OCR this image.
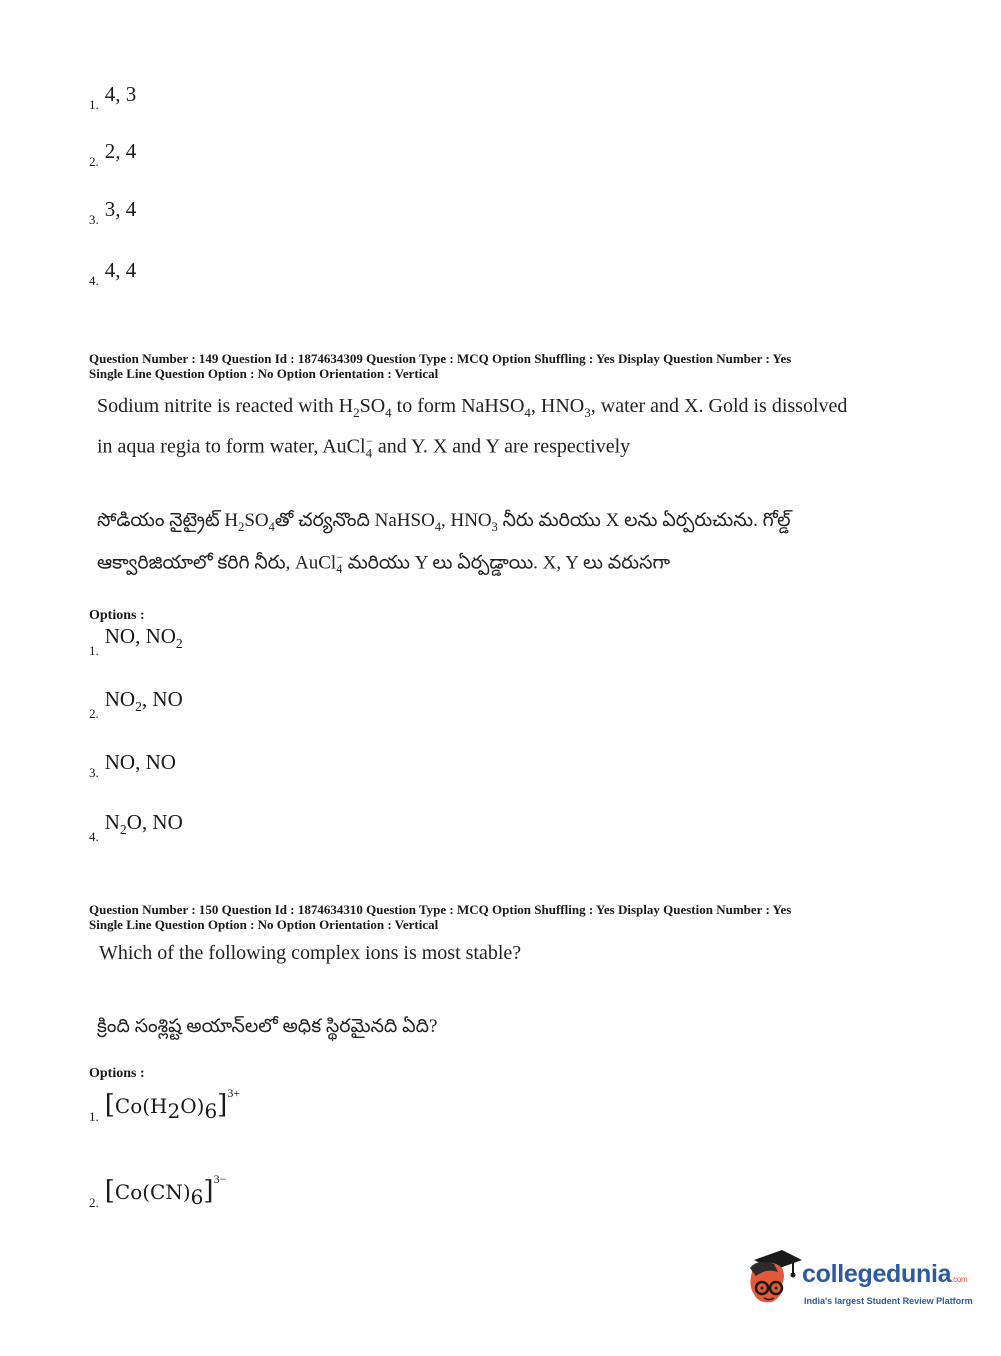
1. 4, 3
2. 2, 4
3. 3, 4
4. 4, 4
Question Number : 149 Question Id : 1874634309 Question Type : MCQ Option Shuffling : Yes Display Question Number : Yes
Single Line Question Option : No Option Orientation : Vertical
Sodium nitrite is reacted with $H_2SO_4$ to form NaHSO$_4$, $HNO_3$, water and X. Gold is dissolved
in aqua regia to form water, AuCl$_4$− and Y. X and Y are respectively
సోడియం నైట్రైట్ $H_2SO_4తో$ చర్యనొంది NaHSO$_4$, $HNO_3$ నీరు మరియు X లను ఏర్పరుచును. గోల్డ్
ఆక్వారిజియాలో కరిగి నీరు, AuCl$_4$− మరియు Y లు ఏర్పడ్డాయి. X, Y లు వరుసగా
Options :
1.
NO, $NO_2$
2.
$NO_2$, NO
3. NO, NO
4.
$N_2O$, NO
Question Number : 150 Question Id : 1874634310 Question Type : MCQ Option Shuffling : Yes Display Question Number : Yes
Single Line Question Option : No Option Orientation : Vertical
Which of the following complex ions is most stable?
క్రింది సంశ్లిష్ట అయాన్‌లలో అధిక స్థిరమైనది ఏది?
Options :
1. $[Co(H_2O)_6]^{3+}$
2. $[Co(CN)_6]^{3-}$
collegedunia.com
India's largest Student Review Platform
